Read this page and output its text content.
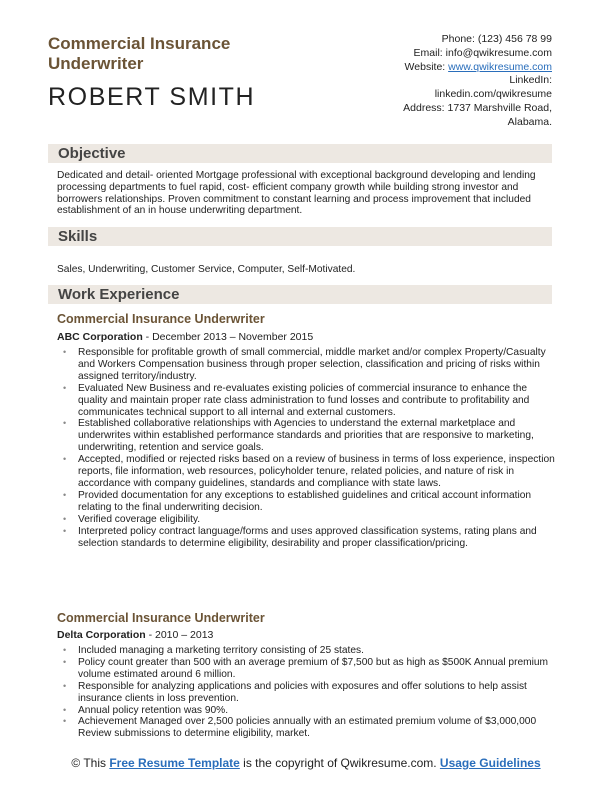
Commercial Insurance Underwriter
ROBERT SMITH
Phone: (123) 456 78 99
Email: info@qwikresume.com
Website: www.qwikresume.com
LinkedIn:
linkedin.com/qwikresume
Address: 1737 Marshville Road,
Alabama.
Objective

Dedicated and detail- oriented Mortgage professional with exceptional background developing and lending processing departments to fuel rapid, cost- efficient company growth while building strong investor and borrowers relationships. Proven commitment to constant learning and process improvement that included establishment of an in house underwriting department.

Skills

Sales, Underwriting, Customer Service, Computer, Self-Motivated.

Work Experience
Commercial Insurance Underwriter
ABC Corporation - December 2013 – November 2015
• Responsible for profitable growth of small commercial, middle market and/or complex Property/Casualty and Workers Compensation business through proper selection, classification and pricing of risks within assigned territory/industry.
• Evaluated New Business and re-evaluates existing policies of commercial insurance to enhance the quality and maintain proper rate class administration to fund losses and contribute to profitability and communicates technical support to all internal and external customers.
• Established collaborative relationships with Agencies to understand the external marketplace and underwrites within established performance standards and priorities that are responsive to marketing, underwriting, retention and service goals.
• Accepted, modified or rejected risks based on a review of business in terms of loss experience, inspection reports, file information, web resources, policyholder tenure, related policies, and nature of risk in accordance with company guidelines, standards and compliance with state laws.
• Provided documentation for any exceptions to established guidelines and critical account information relating to the final underwriting decision.
• Verified coverage eligibility.
• Interpreted policy contract language/forms and uses approved classification systems, rating plans and selection standards to determine eligibility, desirability and proper classification/pricing.
Commercial Insurance Underwriter
Delta Corporation - 2010 – 2013
• Included managing a marketing territory consisting of 25 states.
• Policy count greater than 500 with an average premium of $7,500 but as high as $500K Annual premium volume estimated around 6 million.
• Responsible for analyzing applications and policies with exposures and offer solutions to help assist insurance clients in loss prevention.
• Annual policy retention was 90%.
• Achievement Managed over 2,500 policies annually with an estimated premium volume of $3,000,000 Review submissions to determine eligibility, market.
© This Free Resume Template is the copyright of Qwikresume.com. Usage Guidelines
